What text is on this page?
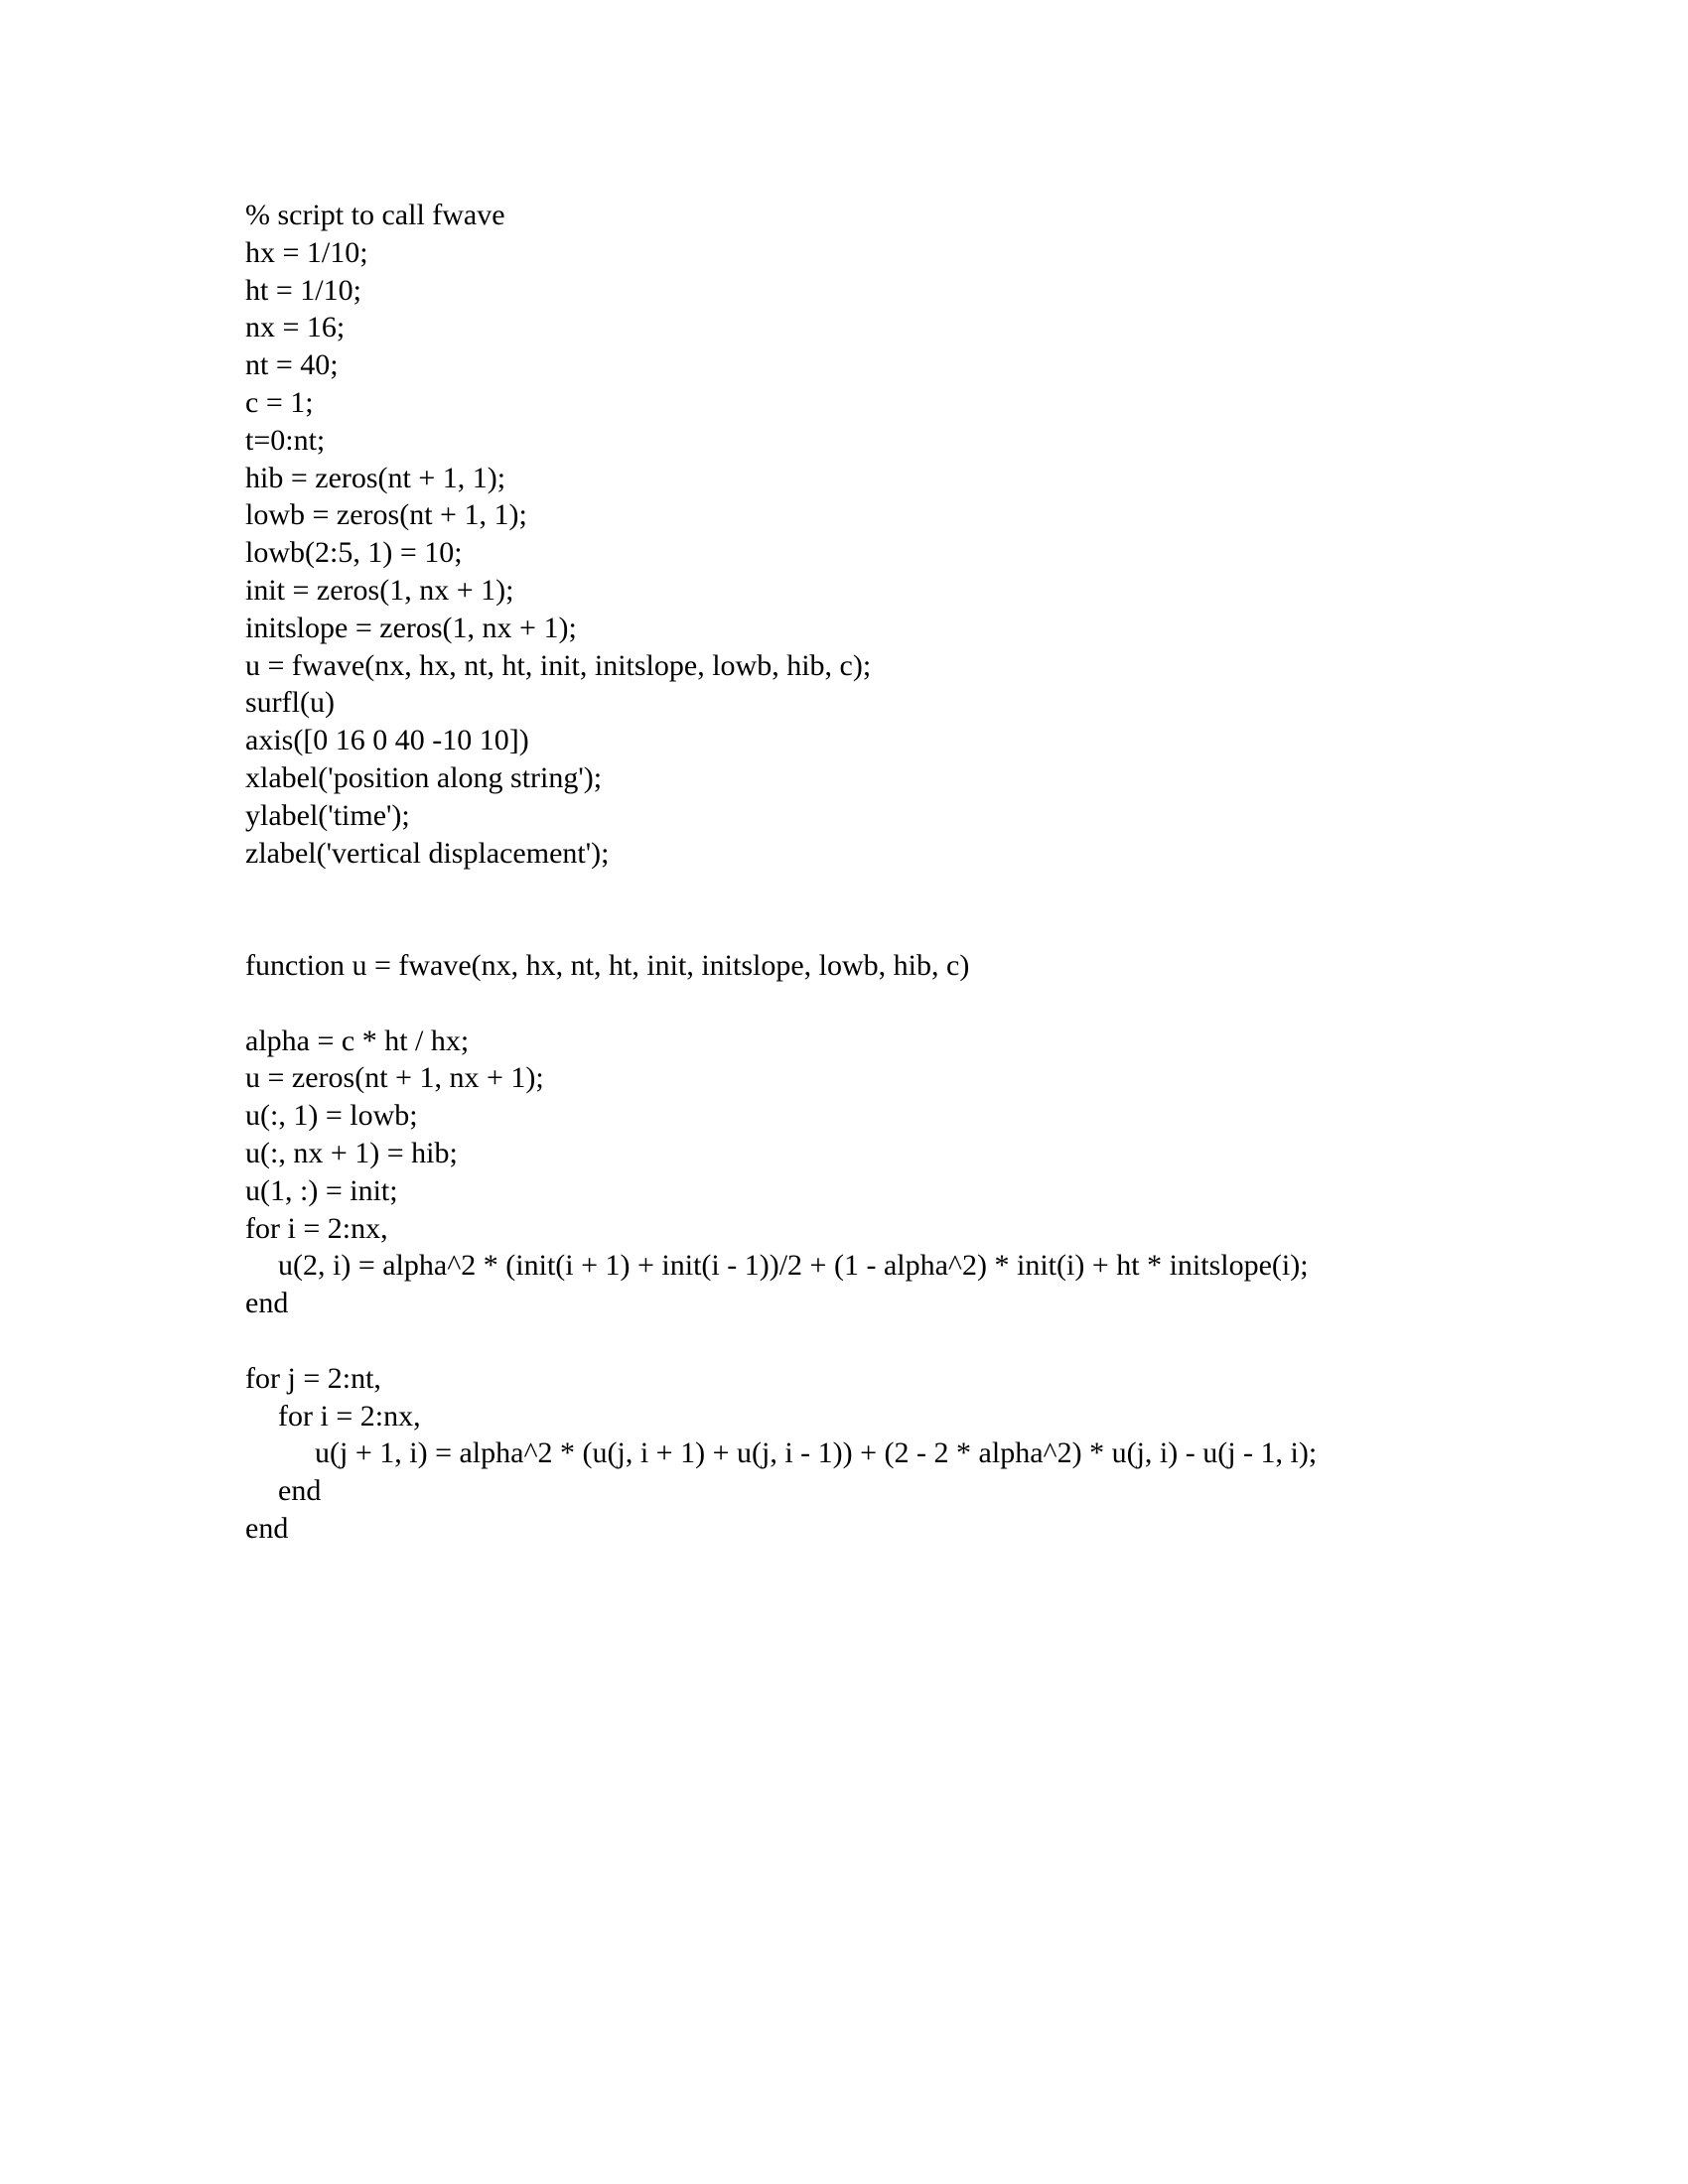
% script to call fwave
hx = 1/10;
ht = 1/10;
nx = 16;
nt = 40;
c = 1;
t=0:nt;
hib = zeros(nt + 1, 1);
lowb = zeros(nt + 1, 1);
lowb(2:5, 1) = 10;
init = zeros(1, nx + 1);
initslope = zeros(1, nx + 1);
u = fwave(nx, hx, nt, ht, init, initslope, lowb, hib, c);
surfl(u)
axis([0 16 0 40 -10 10])
xlabel('position along string');
ylabel('time');
zlabel('vertical displacement');
function u = fwave(nx, hx, nt, ht, init, initslope, lowb, hib, c)
alpha = c * ht / hx;
u = zeros(nt + 1, nx + 1);
u(:, 1) = lowb;
u(:, nx + 1) = hib;
u(1, :) = init;
for i = 2:nx,
u(2, i) = alpha^2 * (init(i + 1) + init(i - 1))/2 + (1 - alpha^2) * init(i) + ht * initslope(i);
end
for j = 2:nt,
for i = 2:nx,
u(j + 1, i) = alpha^2 * (u(j, i + 1) + u(j, i - 1)) + (2 - 2 * alpha^2) * u(j, i) - u(j - 1, i);
end
end
